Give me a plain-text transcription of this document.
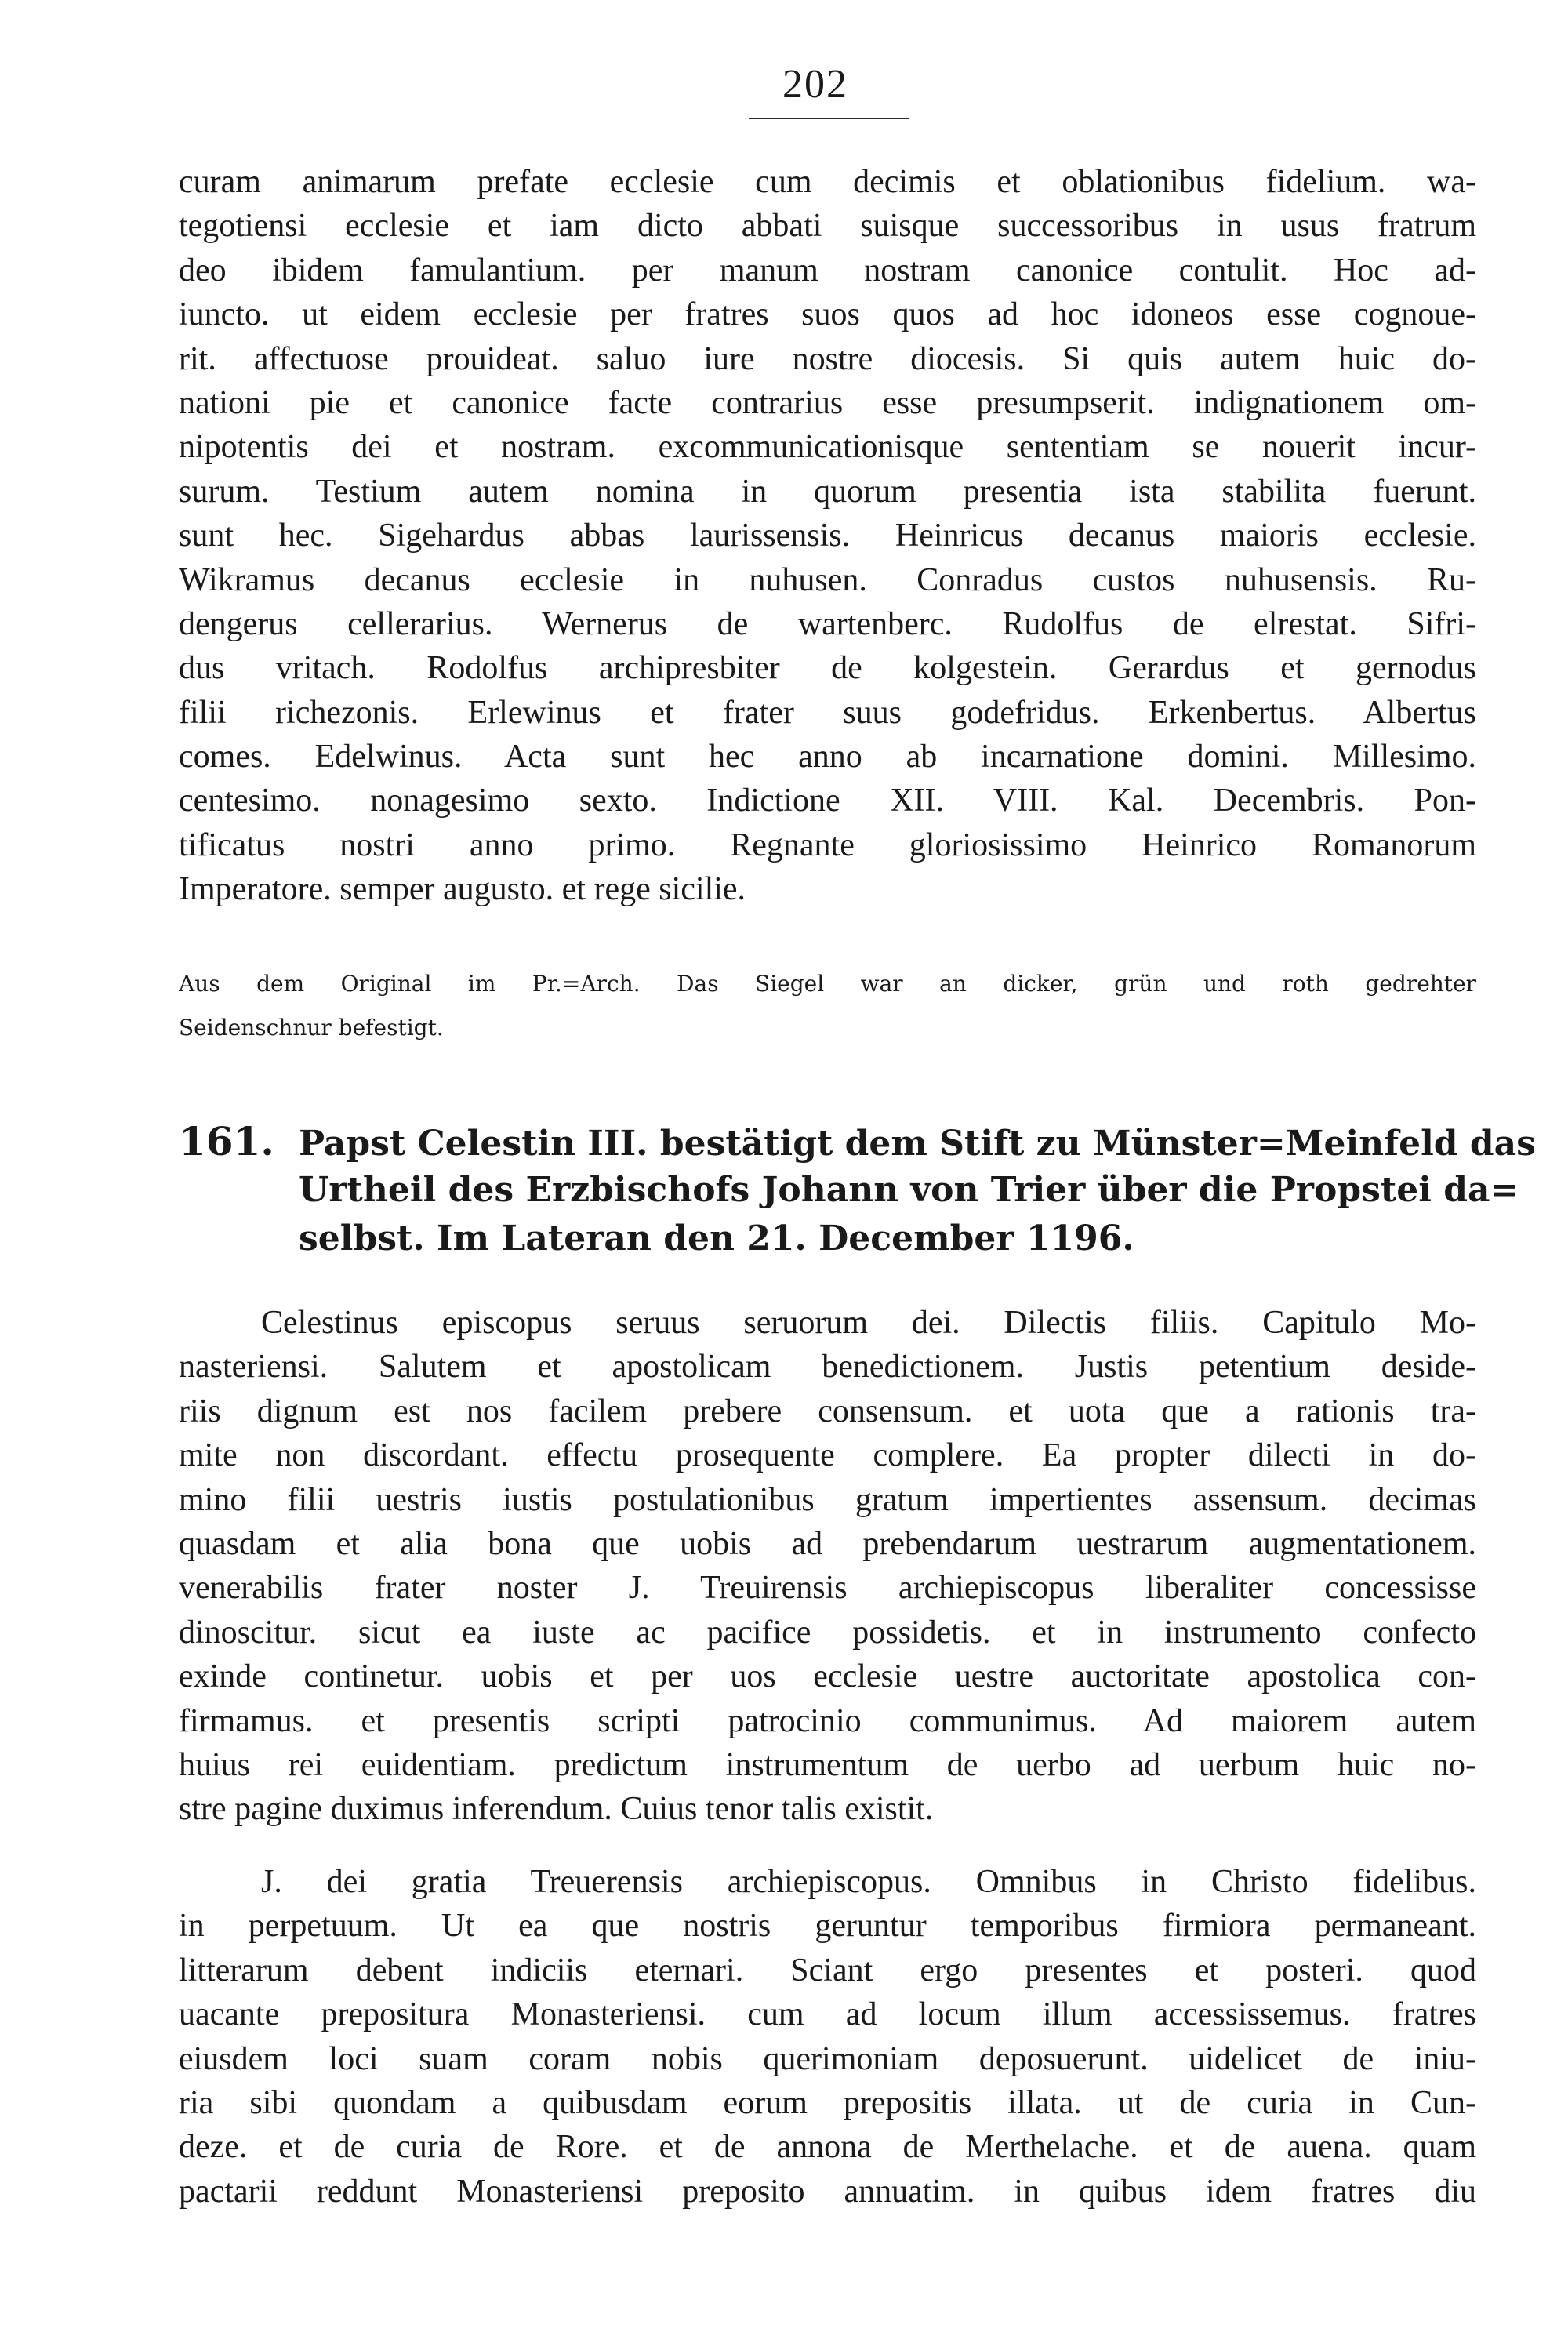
202
curam animarum prefate ecclesie cum decimis et oblationibus fidelium. wa-
tegotiensi ecclesie et iam dicto abbati suisque successoribus in usus fratrum
deo ibidem famulantium. per manum nostram canonice contulit. Hoc ad-
iuncto. ut eidem ecclesie per fratres suos quos ad hoc idoneos esse cognoue-
rit. affectuose prouideat. saluo iure nostre diocesis. Si quis autem huic do-
nationi pie et canonice facte contrarius esse presumpserit. indignationem om-
nipotentis dei et nostram. excommunicationisque sententiam se nouerit incur-
surum. Testium autem nomina in quorum presentia ista stabilita fuerunt.
sunt hec. Sigehardus abbas laurissensis. Heinricus decanus maioris ecclesie.
Wikramus decanus ecclesie in nuhusen. Conradus custos nuhusensis. Ru-
dengerus cellerarius. Wernerus de wartenberc. Rudolfus de elrestat. Sifri-
dus vritach. Rodolfus archipresbiter de kolgestein. Gerardus et gernodus
filii richezonis. Erlewinus et frater suus godefridus. Erkenbertus. Albertus
comes. Edelwinus. Acta sunt hec anno ab incarnatione domini. Millesimo.
centesimo. nonagesimo sexto. Indictione XII. VIII. Kal. Decembris. Pon-
tificatus nostri anno primo. Regnante gloriosissimo Heinrico Romanorum
Imperatore. semper augusto. et rege sicilie.
Aus dem Original im Pr.=Arch. Das Siegel war an dicker, grün und roth gedrehter
Seidenschnur befestigt.
161. Papst Celestin III. bestätigt dem Stift zu Münster=Meinfeld das
Urtheil des Erzbischofs Johann von Trier über die Propstei da=
selbst. Im Lateran den 21. December 1196.
Celestinus episcopus seruus seruorum dei. Dilectis filiis. Capitulo Mo-
nasteriensi. Salutem et apostolicam benedictionem. Justis petentium deside-
riis dignum est nos facilem prebere consensum. et uota que a rationis tra-
mite non discordant. effectu prosequente complere. Ea propter dilecti in do-
mino filii uestris iustis postulationibus gratum impertientes assensum. decimas
quasdam et alia bona que uobis ad prebendarum uestrarum augmentationem.
venerabilis frater noster J. Treuirensis archiepiscopus liberaliter concessisse
dinoscitur. sicut ea iuste ac pacifice possidetis. et in instrumento confecto
exinde continetur. uobis et per uos ecclesie uestre auctoritate apostolica con-
firmamus. et presentis scripti patrocinio communimus. Ad maiorem autem
huius rei euidentiam. predictum instrumentum de uerbo ad uerbum huic no-
stre pagine duximus inferendum. Cuius tenor talis existit.
J. dei gratia Treuerensis archiepiscopus. Omnibus in Christo fidelibus.
in perpetuum. Ut ea que nostris geruntur temporibus firmiora permaneant.
litterarum debent indiciis eternari. Sciant ergo presentes et posteri. quod
uacante prepositura Monasteriensi. cum ad locum illum accessissemus. fratres
eiusdem loci suam coram nobis querimoniam deposuerunt. uidelicet de iniu-
ria sibi quondam a quibusdam eorum prepositis illata. ut de curia in Cun-
deze. et de curia de Rore. et de annona de Merthelache. et de auena. quam
pactarii reddunt Monasteriensi preposito annuatim. in quibus idem fratres diu
